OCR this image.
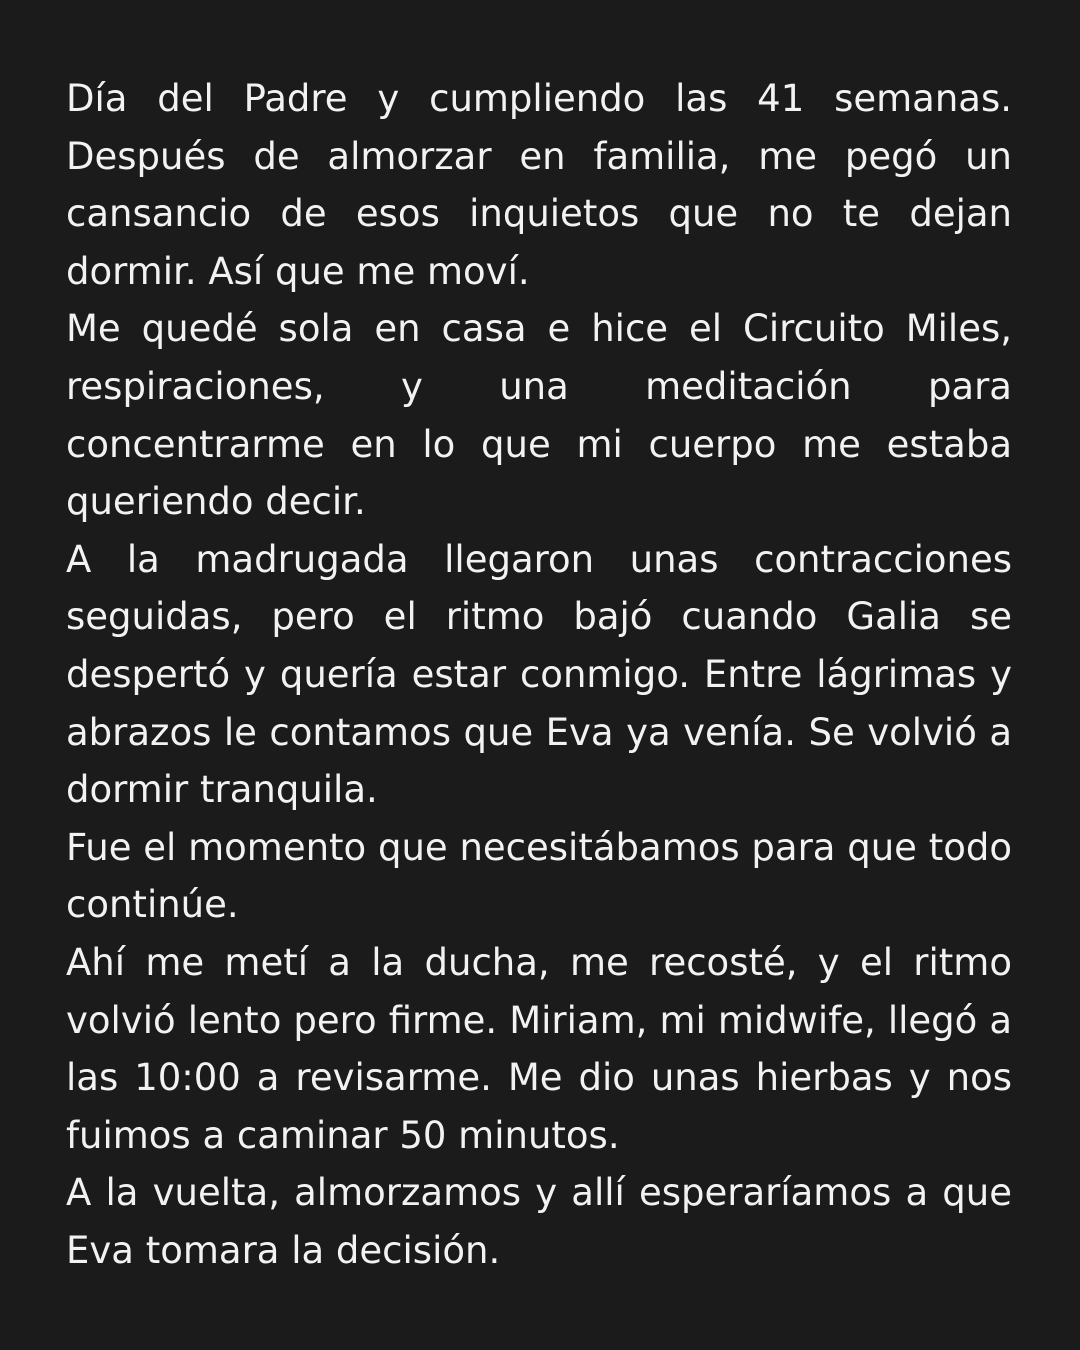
Día del Padre y cumpliendo las 41 semanas. Después de almorzar en familia, me pegó un cansancio de esos inquietos que no te dejan dormir. Así que me moví.

Me quedé sola en casa e hice el Circuito Miles, respiraciones, y una meditación para concentrarme en lo que mi cuerpo me estaba queriendo decir.

A la madrugada llegaron unas contracciones seguidas, pero el ritmo bajó cuando Galia se despertó y quería estar conmigo. Entre lágrimas y abrazos le contamos que Eva ya venía. Se volvió a dormir tranquila.

Fue el momento que necesitábamos para que todo continúe.

Ahí me metí a la ducha, me recosté, y el ritmo volvió lento pero firme. Miriam, mi midwife, llegó a las 10:00 a revisarme. Me dio unas hierbas y nos fuimos a caminar 50 minutos.

A la vuelta, almorzamos y allí esperaríamos a que Eva tomara la decisión.
